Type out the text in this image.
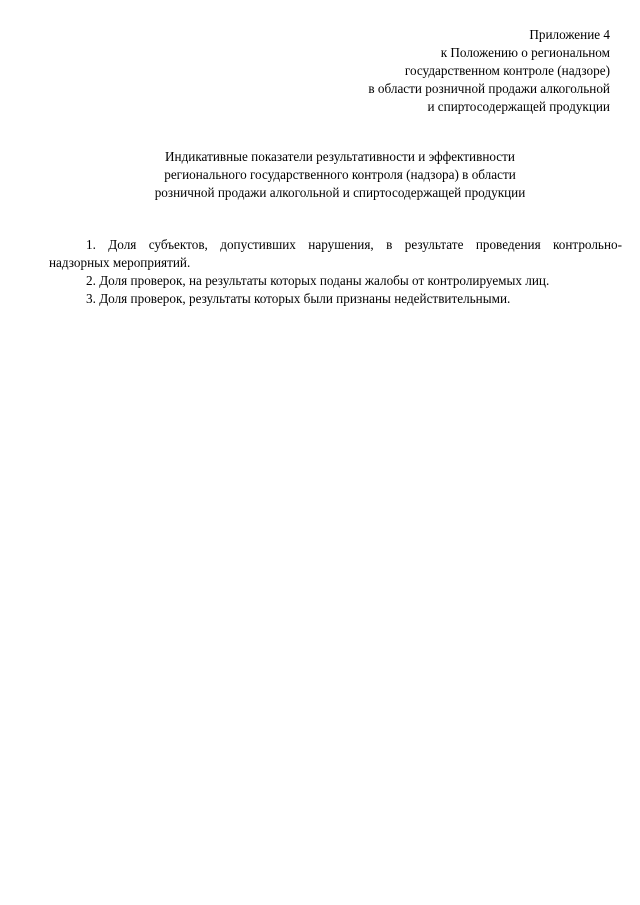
Приложение 4
к Положению о региональном
государственном контроле (надзоре)
в области розничной продажи алкогольной
и спиртосодержащей продукции
Индикативные показатели результативности и эффективности
регионального государственного контроля (надзора) в области
розничной продажи алкогольной и спиртосодержащей продукции
1. Доля субъектов, допустивших нарушения, в результате проведения контрольно-
надзорных мероприятий.
2. Доля проверок, на результаты которых поданы жалобы от контролируемых лиц.
3. Доля проверок, результаты которых были признаны недействительными.
